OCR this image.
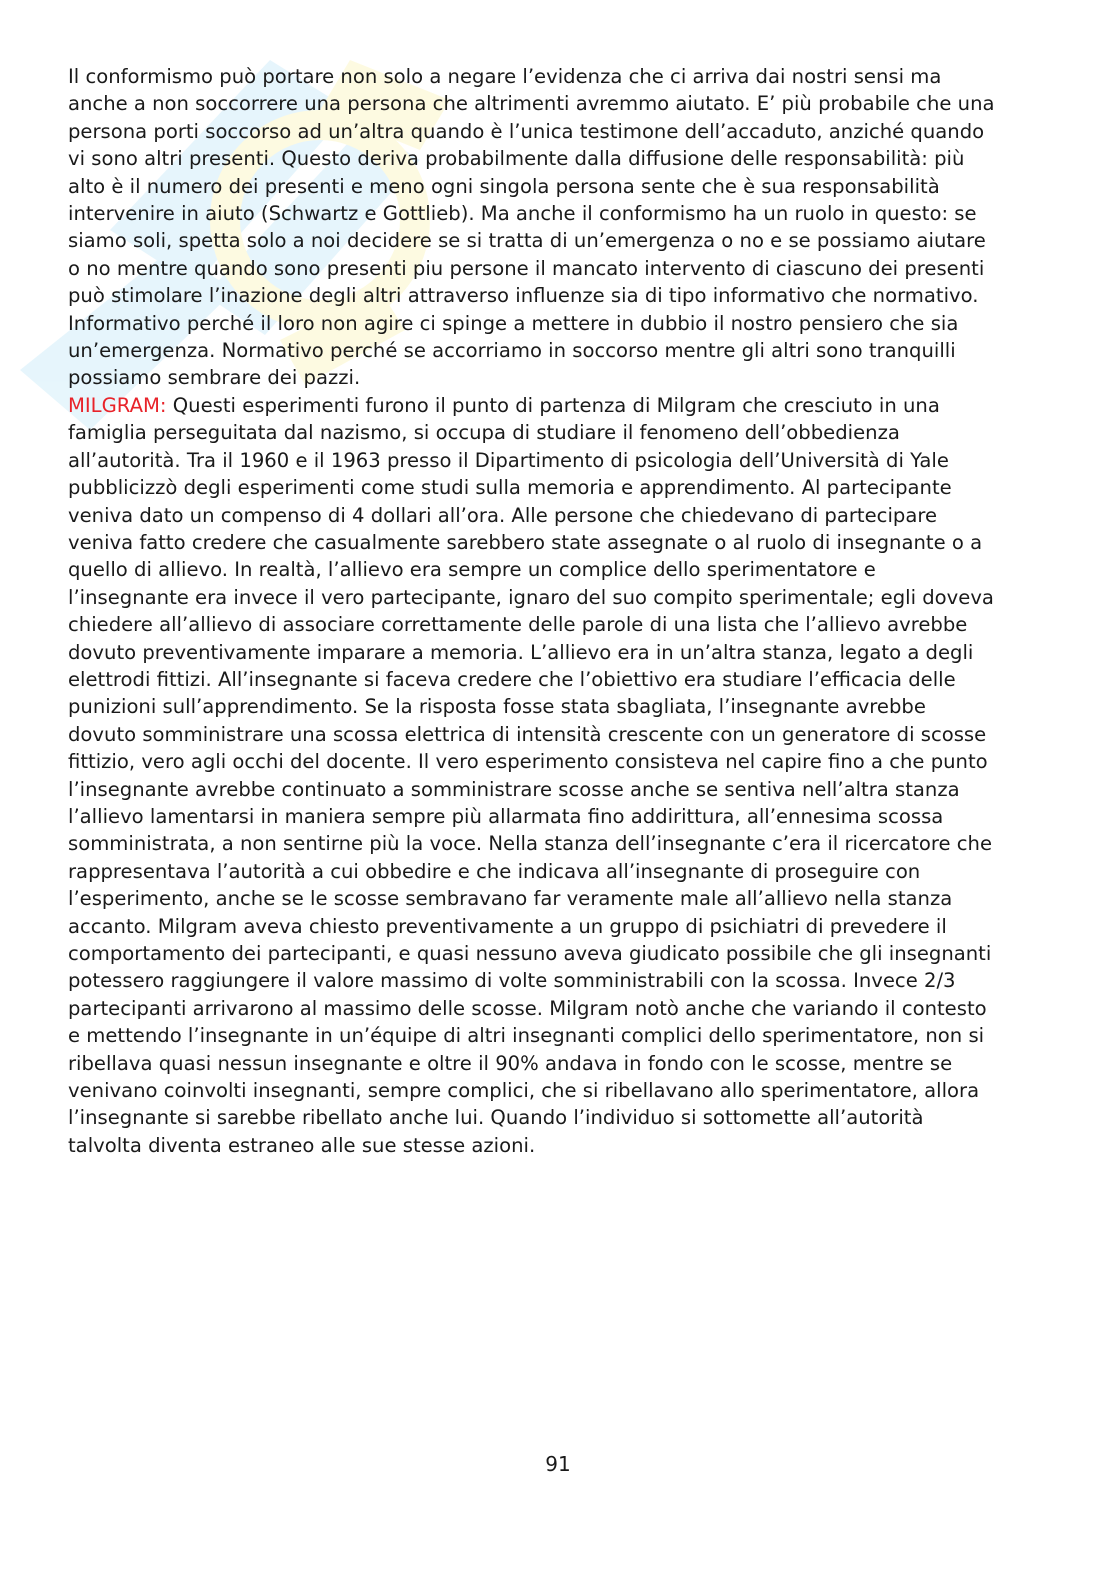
Il conformismo può portare non solo a negare l’evidenza che ci arriva dai nostri sensi ma
anche a non soccorrere una persona che altrimenti avremmo aiutato. E’ più probabile che una
persona porti soccorso ad un’altra quando è l’unica testimone dell’accaduto, anziché quando
vi sono altri presenti. Questo deriva probabilmente dalla diffusione delle responsabilità: più
alto è il numero dei presenti e meno ogni singola persona sente che è sua responsabilità
intervenire in aiuto (Schwartz e Gottlieb). Ma anche il conformismo ha un ruolo in questo: se
siamo soli, spetta solo a noi decidere se si tratta di un’emergenza o no e se possiamo aiutare
o no mentre quando sono presenti piu persone il mancato intervento di ciascuno dei presenti
può stimolare l’inazione degli altri attraverso influenze sia di tipo informativo che normativo.
Informativo perché il loro non agire ci spinge a mettere in dubbio il nostro pensiero che sia
un’emergenza. Normativo perché se accorriamo in soccorso mentre gli altri sono tranquilli
possiamo sembrare dei pazzi.

MILGRAM: Questi esperimenti furono il punto di partenza di Milgram che cresciuto in una
famiglia perseguitata dal nazismo, si occupa di studiare il fenomeno dell’obbedienza
all’autorità. Tra il 1960 e il 1963 presso il Dipartimento di psicologia dell’Università di Yale
pubblicizzò degli esperimenti come studi sulla memoria e apprendimento. Al partecipante
veniva dato un compenso di 4 dollari all’ora. Alle persone che chiedevano di partecipare
veniva fatto credere che casualmente sarebbero state assegnate o al ruolo di insegnante o a
quello di allievo. In realtà, l’allievo era sempre un complice dello sperimentatore e
l’insegnante era invece il vero partecipante, ignaro del suo compito sperimentale; egli doveva
chiedere all’allievo di associare correttamente delle parole di una lista che l’allievo avrebbe
dovuto preventivamente imparare a memoria. L’allievo era in un’altra stanza, legato a degli
elettrodi fittizi. All’insegnante si faceva credere che l’obiettivo era studiare l’efficacia delle
punizioni sull’apprendimento. Se la risposta fosse stata sbagliata, l’insegnante avrebbe
dovuto somministrare una scossa elettrica di intensità crescente con un generatore di scosse
fittizio, vero agli occhi del docente. Il vero esperimento consisteva nel capire fino a che punto
l’insegnante avrebbe continuato a somministrare scosse anche se sentiva nell’altra stanza
l’allievo lamentarsi in maniera sempre più allarmata fino addirittura, all’ennesima scossa
somministrata, a non sentirne più la voce. Nella stanza dell’insegnante c’era il ricercatore che
rappresentava l’autorità a cui obbedire e che indicava all’insegnante di proseguire con
l’esperimento, anche se le scosse sembravano far veramente male all’allievo nella stanza
accanto. Milgram aveva chiesto preventivamente a un gruppo di psichiatri di prevedere il
comportamento dei partecipanti, e quasi nessuno aveva giudicato possibile che gli insegnanti
potessero raggiungere il valore massimo di volte somministrabili con la scossa. Invece 2/3
partecipanti arrivarono al massimo delle scosse. Milgram notò anche che variando il contesto
e mettendo l’insegnante in un’équipe di altri insegnanti complici dello sperimentatore, non si
ribellava quasi nessun insegnante e oltre il 90% andava in fondo con le scosse, mentre se
venivano coinvolti insegnanti, sempre complici, che si ribellavano allo sperimentatore, allora
l’insegnante si sarebbe ribellato anche lui. Quando l’individuo si sottomette all’autorità
talvolta diventa estraneo alle sue stesse azioni.

91
